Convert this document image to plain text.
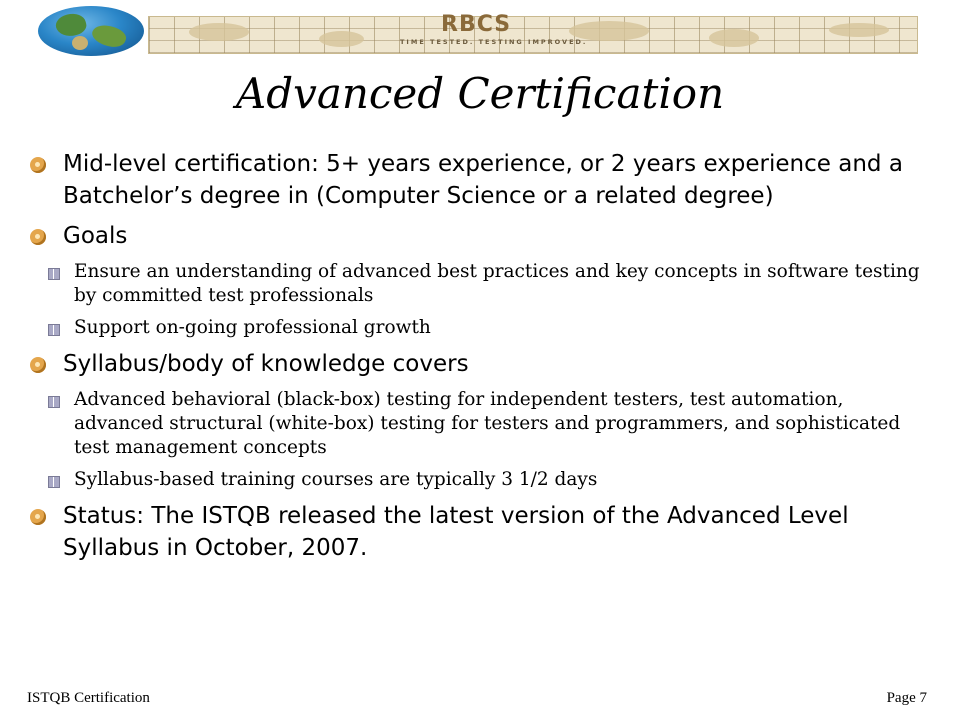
RBCS
TIME TESTED. TESTING IMPROVED.
Advanced Certification
Mid-level certification: 5+ years experience, or 2 years experience and a Batchelor’s degree in (Computer Science or a related degree)
Goals
Ensure an understanding of advanced best practices and key concepts in software testing by committed test professionals
Support on-going professional growth
Syllabus/body of knowledge covers
Advanced behavioral (black-box) testing for independent testers, test automation, advanced structural (white-box) testing for testers and programmers, and sophisticated test management concepts
Syllabus-based training courses are typically 3 1/2 days
Status: The ISTQB released the latest version of the Advanced Level Syllabus in October, 2007.
ISTQB Certification	Page 7
